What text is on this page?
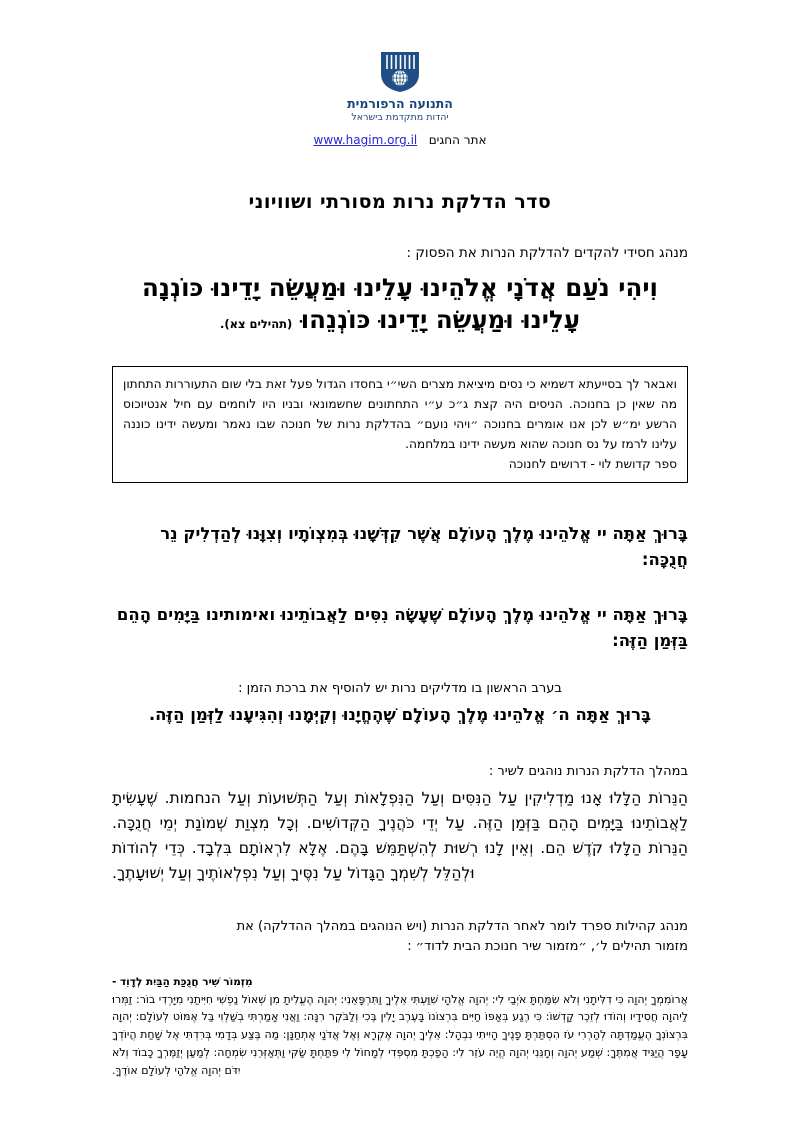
התנועה הרפורמית
יהדות מתקדמת בישראל
אתר החגים   www.hagim.org.il
סדר הדלקת נרות מסורתי ושוויוני
מנהג חסידי להקדים להדלקת הנרות את הפסוק :
וִיהִי נֹעַם אֲדֹנָי אֱלֹהֵינוּ עָלֵינוּ וּמַעֲשֵׂה יָדֵינוּ כּוֹנְנָה
עָלֵינוּ וּמַעֲשֵׂה יָדֵינוּ כּוֹנְנֵהוּ (תהילים צא).
ואבאר לך בסייעתא דשמיא כי נסים מיציאת מצרים השי״י בחסדו הגדול פעל זאת בלי שום התעוררות התחתון מה שאין כן בחנוכה. הניסים היה קצת ג״כ ע״י התחתונים שחשמונאי ובניו היו לוחמים עם חיל אנטיוכוס הרשע ימ״ש לכן אנו אומרים בחנוכה ״ויהי נועם״ בהדלקת נרות של חנוכה שבו נאמר ומעשה ידינו כוננה עלינו לרמז על נס חנוכה שהוא מעשה ידינו במלחמה.
ספר קדושת לוי - דרושים לחנוכה
בָּרוּךְ אַתָּה יי אֱלֹהֵינוּ מֶלֶךְ הָעוֹלָם אֲשֶׁר קִדְּשָׁנוּ בְּמִצְוֹתָיו וְצִוָּנוּ לְהַדְלִיק נֵר חֲנֻכָּה:
בָּרוּךְ אַתָּה יי אֱלֹהֵינוּ מֶלֶךְ הָעוֹלָם שֶׁעָשָׂה נִסִּים לַאֲבוֹתֵינוּ ואימותינו בַּיָּמִים הָהֵם בַּזְּמַן הַזֶּה:
בערב הראשון בו מדליקים נרות יש להוסיף את ברכת הזמן :
בָּרוּךְ אַתָּה ה׳ אֱלֹהֵינוּ מֶלֶךְ הָעוֹלָם שֶׁהֶחֱיָנוּ וְקִיְּמָנוּ וְהִגִּיעָנוּ לַזְּמַן הַזֶּה.
במהלך הדלקת הנרות נוהגים לשיר :
הַנֵּרוֹת הַלָּלוּ אָנוּ מַדְלִיקִין עַל הַנִּסִּים וְעַל הַנִּפְלָאוֹת וְעַל הַתְּשׁוּעוֹת וְעַל הנחמות. שֶׁעָשִׂיתָ לַאֲבוֹתֵינוּ בַּיָּמִים הָהֵם בַּזְּמַן הַזֶּה. עַל יְדֵי כֹּהֲנֶיךָ הַקְּדוֹשִׁים. וְכָל מִצְוַת שְׁמוֹנַת יְמֵי חֲנֻכָּה. הַנֵּרוֹת הַלָּלוּ קֹדֶשׁ הֵם. וְאֵין לָנוּ רְשׁוּת לְהִשְׁתַּמֵּשׁ בָּהֶם. אֶלָּא לִרְאוֹתָם בִּלְבָד. כְּדֵי לְהוֹדוֹת וּלְהַלֵּל לְשִׁמְךָ הַגָּדוֹל עַל נִסֶּיךָ וְעַל נִפְלְאוֹתֶיךָ וְעַל יְשׁוּעָתֶךָ.
מנהג קהילות ספרד לומר לאחר הדלקת הנרות (ויש הנוהגים במהלך ההדלקה) את
מזמור תהילים ל׳, ״מזמור שיר חנוכת הבית לדוד״ :
מִזְמוֹר שִׁיר חֲנֻכַּת הַבַּיִת לְדָוִד -
אֲרוֹמִמְךָ יְהוָה כִּי דִלִּיתָנִי וְלֹא שִׂמַּחְתָּ אֹיְבַי לִי: יְהוָה אֱלֹהָי שִׁוַּעְתִּי אֵלֶיךָ וַתִּרְפָּאֵנִי: יְהוָה הֶעֱלִיתָ מִן שְׁאוֹל נַפְשִׁי חִיִּיתַנִי מִיָּרְדִי בוֹר: זַמְּרוּ לַיהוָה חֲסִידָיו וְהוֹדוּ לְזֵכֶר קָדְשׁוֹ: כִּי רֶגַע בְּאַפּוֹ חַיִּים בִּרְצוֹנוֹ בָּעֶרֶב יָלִין בֶּכִי וְלַבֹּקֶר רִנָּה: וַאֲנִי אָמַרְתִּי בְשַׁלְוִי בַּל אֶמּוֹט לְעוֹלָם: יְהוָה בִּרְצוֹנְךָ הֶעֱמַדְתָּה לְהַרְרִי עֹז הִסְתַּרְתָּ פָנֶיךָ הָיִיתִי נִבְהָל: אֵלֶיךָ יְהוָה אֶקְרָא וְאֶל אֲדֹנָי אֶתְחַנָּן: מַה בֶּצַע בְּדָמִי בְּרִדְתִּי אֶל שָׁחַת הֲיוֹדְךָ עָפָר הֲיַגִּיד אֲמִתֶּךָ: שְׁמַע יְהוָה וְחָנֵּנִי יְהוָה הֱיֵה עֹזֵר לִי: הָפַכְתָּ מִסְפְּדִי לְמָחוֹל לִי פִּתַּחְתָּ שַׂקִּי וַתְּאַזְּרֵנִי שִׂמְחָה: לְמַעַן יְזַמֶּרְךָ כָבוֹד וְלֹא יִדֹּם יְהוָה אֱלֹהַי לְעוֹלָם אוֹדֶךָּ.
